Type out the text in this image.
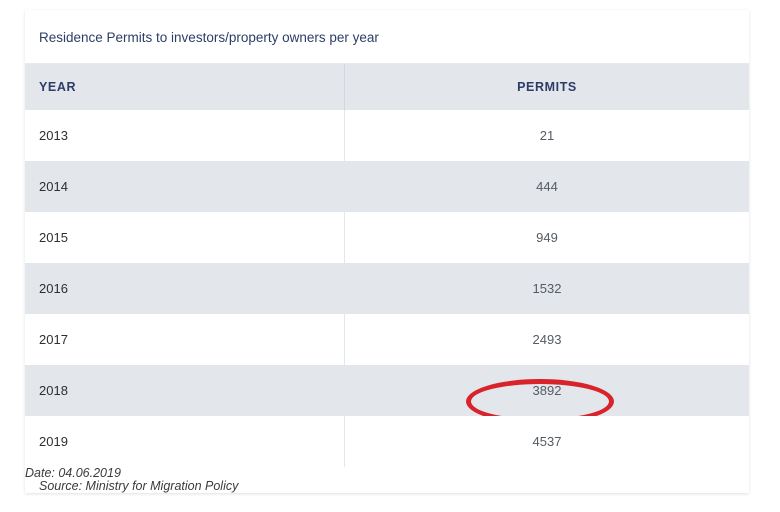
Residence Permits to investors/property owners per year
YEAR	PERMITS
2013	21
2014	444
2015	949
2016	1532
2017	2493
2018	3892
2019	4537
Source: Ministry for Migration Policy
Date: 04.06.2019
